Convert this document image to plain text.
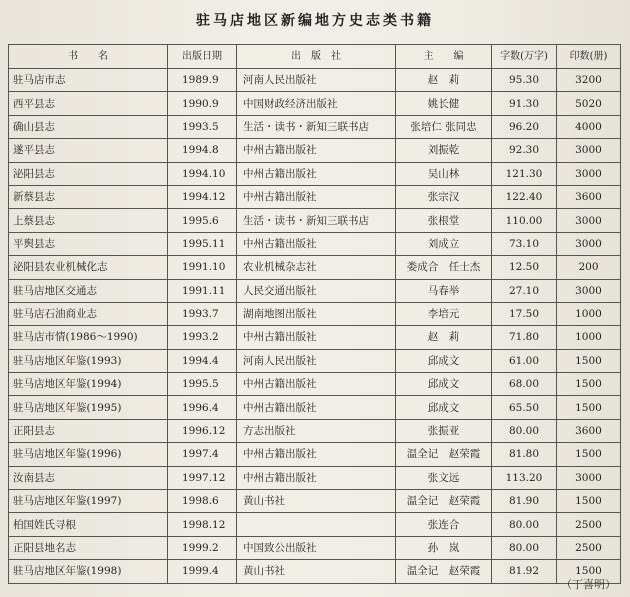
驻马店地区新编地方史志类书籍
书　　名	出版日期	出　版　社	主　　编	字数(万字)	印数(册)
驻马店市志	1989.9	河南人民出版社	赵　莉	95.30	3200
西平县志	1990.9	中国财政经济出版社	姚长健	91.30	5020
确山县志	1993.5	生活・读书・新知三联书店	张培仁 张同忠	96.20	4000
遂平县志	1994.8	中州古籍出版社	刘振乾	92.30	3000
泌阳县志	1994.10	中州古籍出版社	吴山林	121.30	3000
新蔡县志	1994.12	中州古籍出版社	张宗汉	122.40	3600
上蔡县志	1995.6	生活・读书・新知三联书店	张根堂	110.00	3000
平舆县志	1995.11	中州古籍出版社	刘成立	73.10	3000
泌阳县农业机械化志	1991.10	农业机械杂志社	娄成合　任士杰	12.50	200
驻马店地区交通志	1991.11	人民交通出版社	马春举	27.10	3000
驻马店石油商业志	1993.7	湖南地图出版社	李培元	17.50	1000
驻马店市情(1986～1990)	1993.2	中州古籍出版社	赵　莉	71.80	1000
驻马店地区年鉴(1993)	1994.4	河南人民出版社	邱成文	61.00	1500
驻马店地区年鉴(1994)	1995.5	中州古籍出版社	邱成文	68.00	1500
驻马店地区年鉴(1995)	1996.4	中州古籍出版社	邱成文	65.50	1500
正阳县志	1996.12	方志出版社	张振亚	80.00	3600
驻马店地区年鉴(1996)	1997.4	中州古籍出版社	温全记　赵荣霞	81.80	1500
汝南县志	1997.12	中州古籍出版社	张文远	113.20	3000
驻马店地区年鉴(1997)	1998.6	黄山书社	温全记　赵荣霞	81.90	1500
柏国姓氏寻根	1998.12		张连合	80.00	2500
正阳县地名志	1999.2	中国致公出版社	孙　岚	80.00	2500
驻马店地区年鉴(1998)	1999.4	黄山书社	温全记　赵荣霞	81.92	1500
（丁喜明）
